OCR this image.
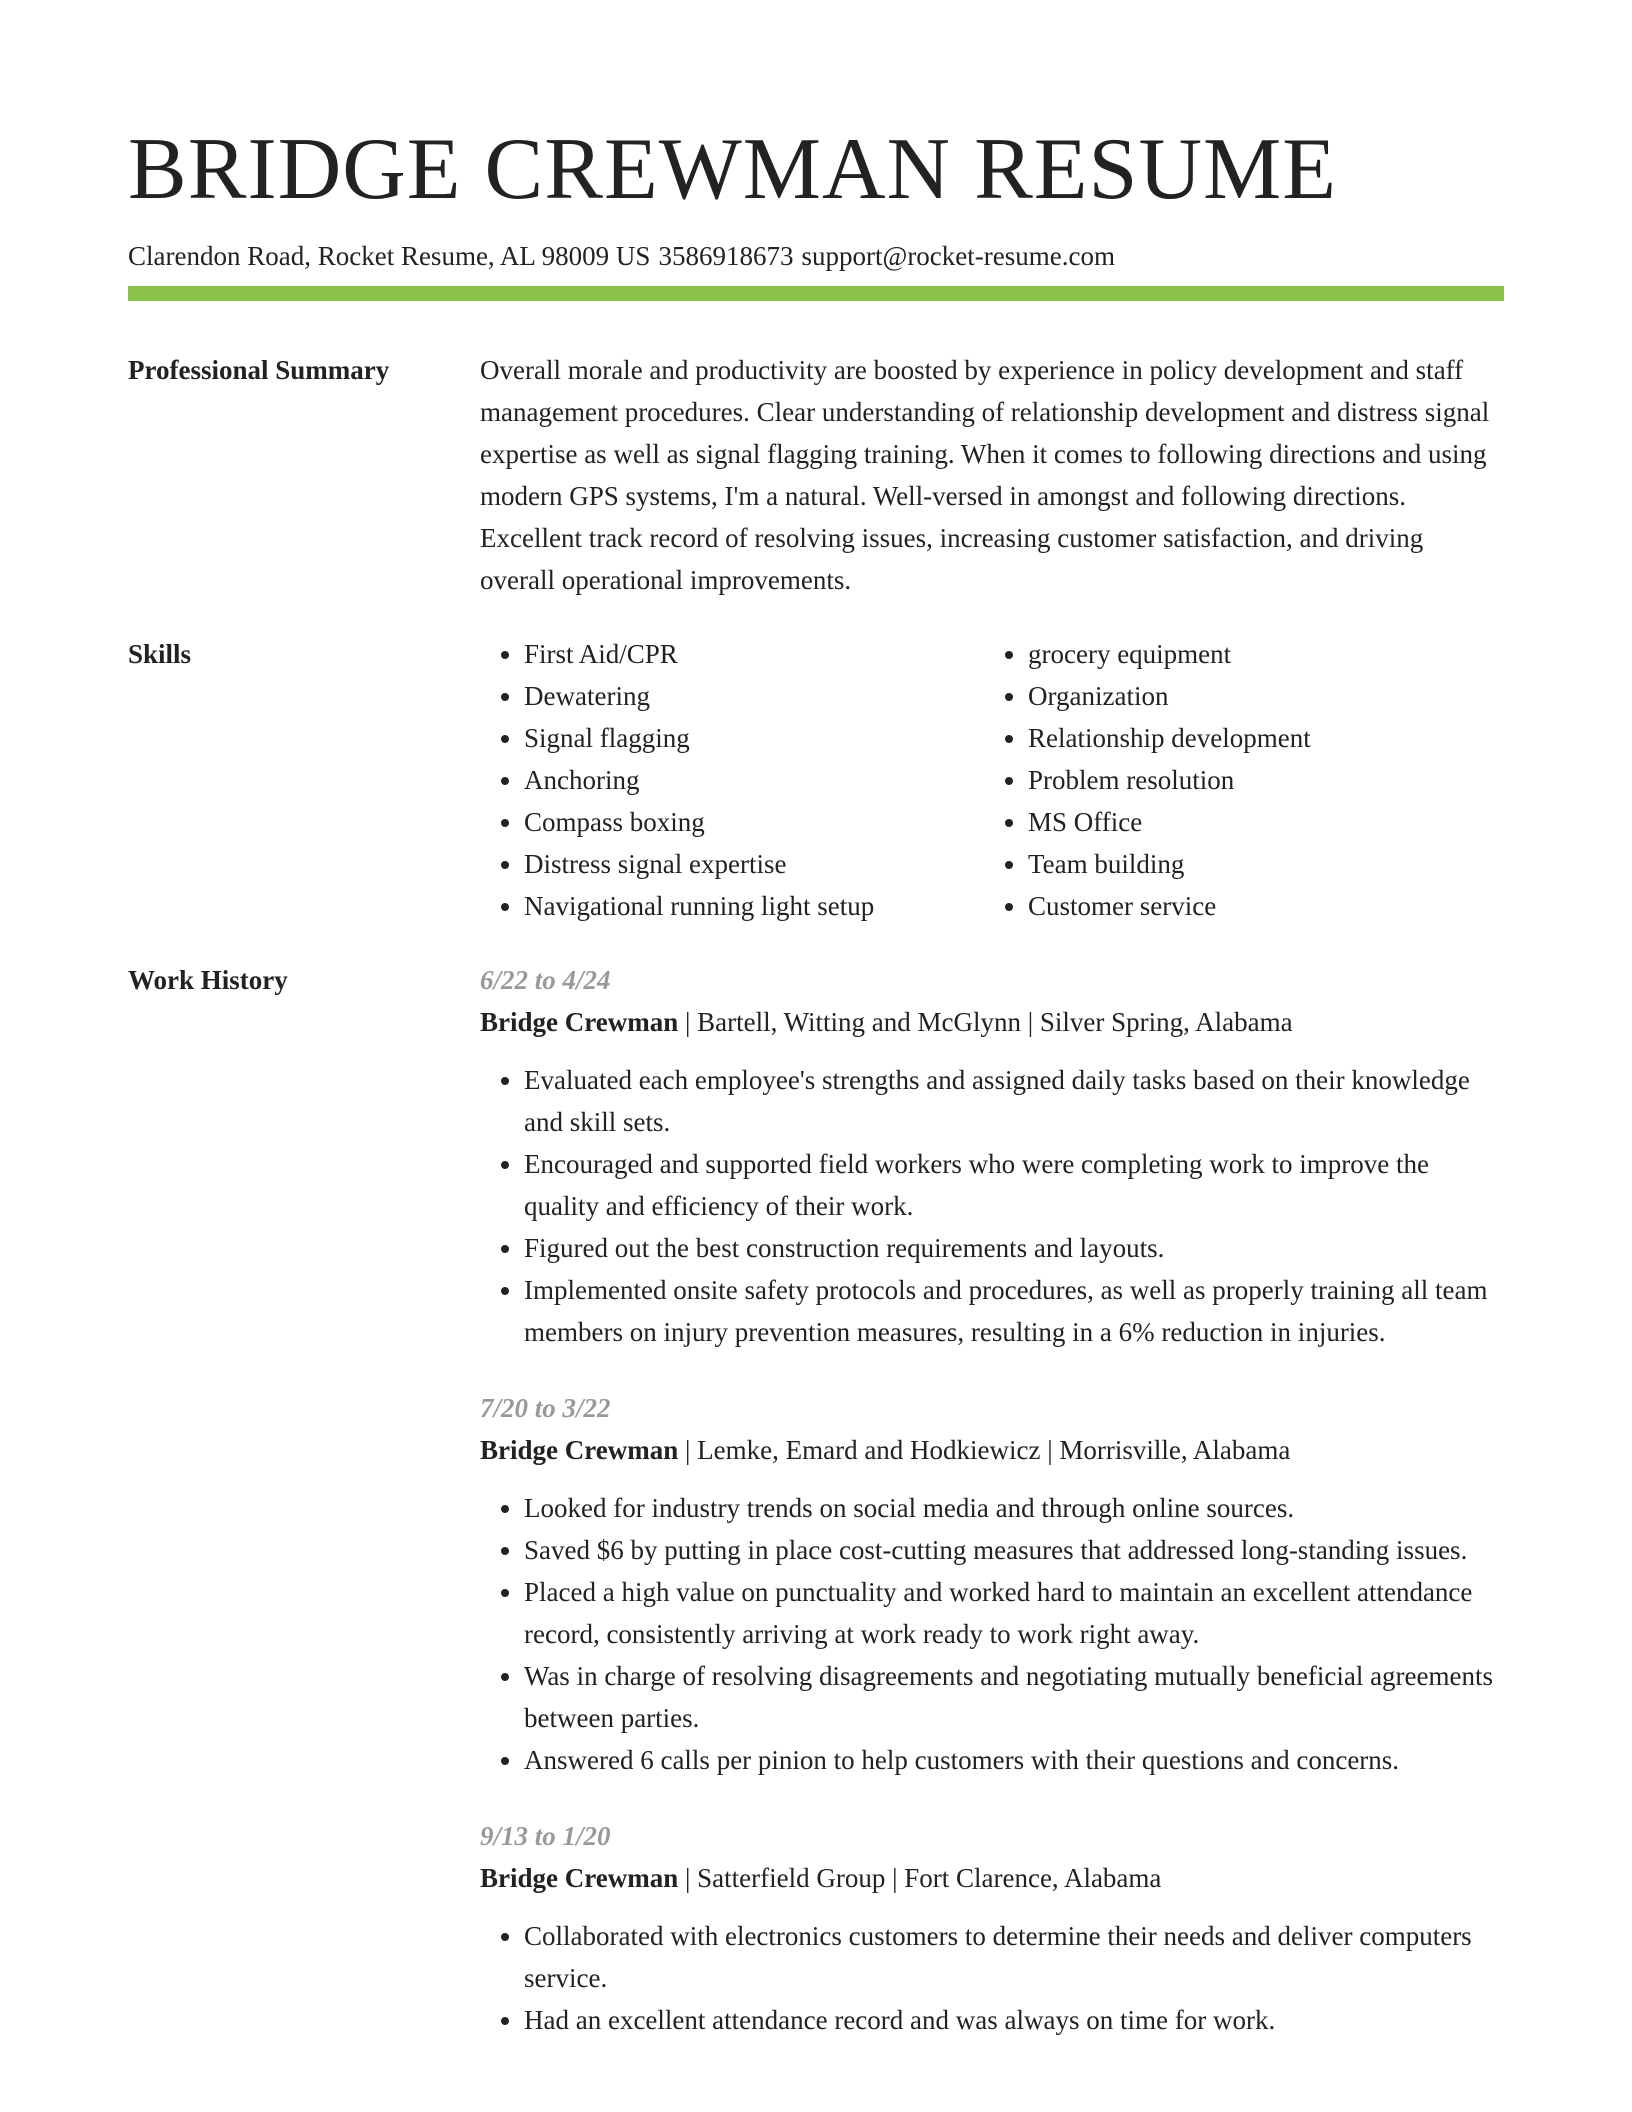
BRIDGE CREWMAN RESUME
Clarendon Road, Rocket Resume, AL 98009 US 3586918673 support@rocket-resume.com
Professional Summary	Overall morale and productivity are boosted by experience in policy development and staff management procedures. Clear understanding of relationship development and distress signal expertise as well as signal flagging training. When it comes to following directions and using modern GPS systems, I'm a natural. Well-versed in amongst and following directions. Excellent track record of resolving issues, increasing customer satisfaction, and driving overall operational improvements.

Skills
•	First Aid/CPR
• Dewatering
• Signal flagging
• Anchoring
• Compass boxing
• Distress signal expertise
• Navigational running light setup
• grocery equipment
• Organization
• Relationship development
• Problem resolution
• MS Office
• Team building
• Customer service
Work History	6/22 to 4/24
Bridge Crewman | Bartell, Witting and McGlynn | Silver Spring, Alabama
• Evaluated each employee's strengths and assigned daily tasks based on their knowledge and skill sets.
• Encouraged and supported field workers who were completing work to improve the quality and efficiency of their work.
• Figured out the best construction requirements and layouts.
• Implemented onsite safety protocols and procedures, as well as properly training all team members on injury prevention measures, resulting in a 6% reduction in injuries.
7/20 to 3/22
Bridge Crewman | Lemke, Emard and Hodkiewicz | Morrisville, Alabama
• Looked for industry trends on social media and through online sources.
• Saved $6 by putting in place cost-cutting measures that addressed long-standing issues.
• Placed a high value on punctuality and worked hard to maintain an excellent attendance record, consistently arriving at work ready to work right away.
• Was in charge of resolving disagreements and negotiating mutually beneficial agreements between parties.
• Answered 6 calls per pinion to help customers with their questions and concerns.
9/13 to 1/20
Bridge Crewman | Satterfield Group | Fort Clarence, Alabama
• Collaborated with electronics customers to determine their needs and deliver computers service.
• Had an excellent attendance record and was always on time for work.
